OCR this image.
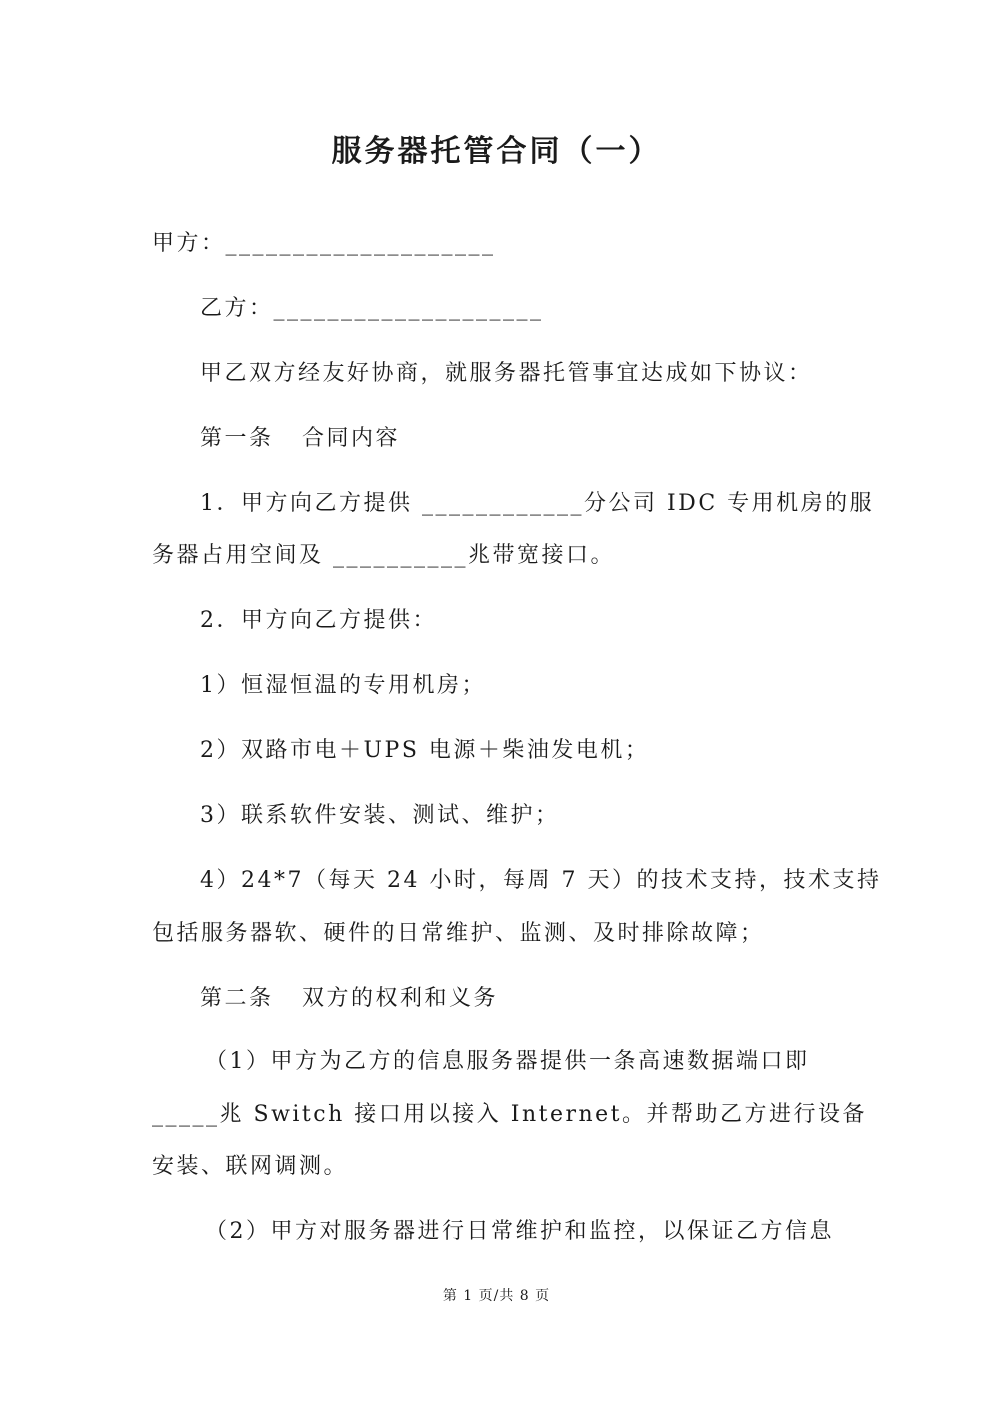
服务器托管合同（一）
甲方：____________________
乙方：____________________
甲乙双方经友好协商，就服务器托管事宜达成如下协议：
第一条   合同内容
1．甲方向乙方提供 ____________分公司 IDC 专用机房的服
务器占用空间及 __________兆带宽接口。
2．甲方向乙方提供：
1）恒湿恒温的专用机房；
2）双路市电＋UPS 电源＋柴油发电机；
3）联系软件安装、测试、维护；
4）24*7（每天 24 小时，每周 7 天）的技术支持，技术支持
包括服务器软、硬件的日常维护、监测、及时排除故障；
第二条   双方的权利和义务
（1）甲方为乙方的信息服务器提供一条高速数据端口即
_____兆 Switch 接口用以接入 Internet。并帮助乙方进行设备
安装、联网调测。
（2）甲方对服务器进行日常维护和监控，以保证乙方信息
第 1 页/共 8 页
